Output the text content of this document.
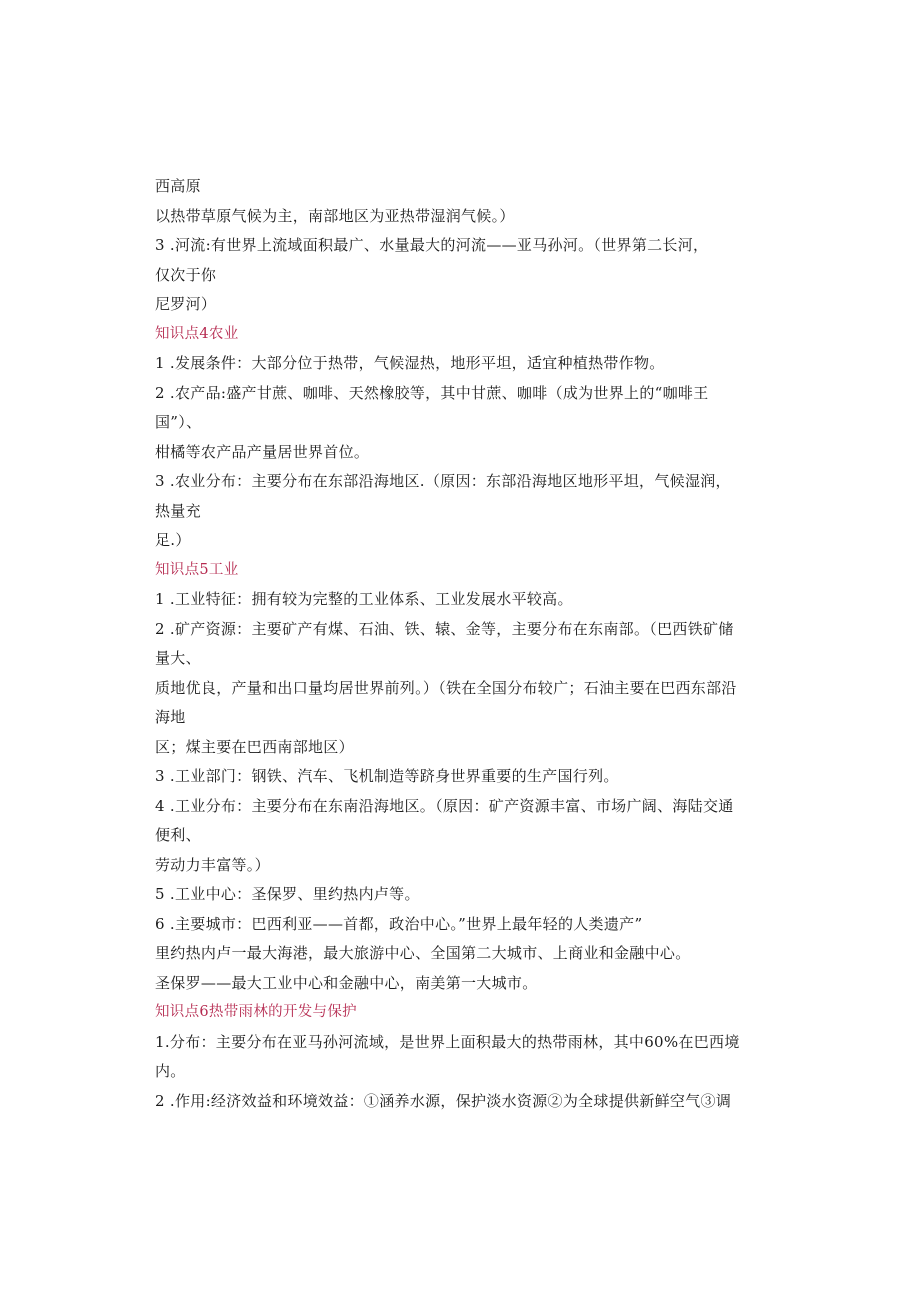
西高原
以热带草原气候为主，南部地区为亚热带湿润气候。）
3 .河流:有世界上流域面积最广、水量最大的河流——亚马孙河。（世界第二长河，
仅次于你
尼罗河）
知识点4农业
1 .发展条件：大部分位于热带，气候湿热，地形平坦，适宜种植热带作物。
2 .农产品:盛产甘蔗、咖啡、天然橡胶等，其中甘蔗、咖啡（成为世界上的“咖啡王
国”）、
柑橘等农产品产量居世界首位。
3 .农业分布：主要分布在东部沿海地区.（原因：东部沿海地区地形平坦，气候湿润，
热量充
足.）
知识点5工业
1 .工业特征：拥有较为完整的工业体系、工业发展水平较高。
2 .矿产资源：主要矿产有煤、石油、铁、辕、金等，主要分布在东南部。（巴西铁矿储
量大、
质地优良，产量和出口量均居世界前列。）（铁在全国分布较广；石油主要在巴西东部沿
海地
区；煤主要在巴西南部地区）
3 .工业部门：钢铁、汽车、飞机制造等跻身世界重要的生产国行列。
4 .工业分布：主要分布在东南沿海地区。（原因：矿产资源丰富、市场广阔、海陆交通
便利、
劳动力丰富等。）
5 .工业中心：圣保罗、里约热内卢等。
6 .主要城市：巴西利亚——首都，政治中心。”世界上最年轻的人类遗产”
里约热内卢一最大海港，最大旅游中心、全国第二大城市、上商业和金融中心。
圣保罗——最大工业中心和金融中心，南美第一大城市。
知识点6热带雨林的开发与保护
1.分布：主要分布在亚马孙河流域，是世界上面积最大的热带雨林，其中60%在巴西境
内。
2 .作用:经济效益和环境效益：①涵养水源，保护淡水资源②为全球提供新鲜空气③调
